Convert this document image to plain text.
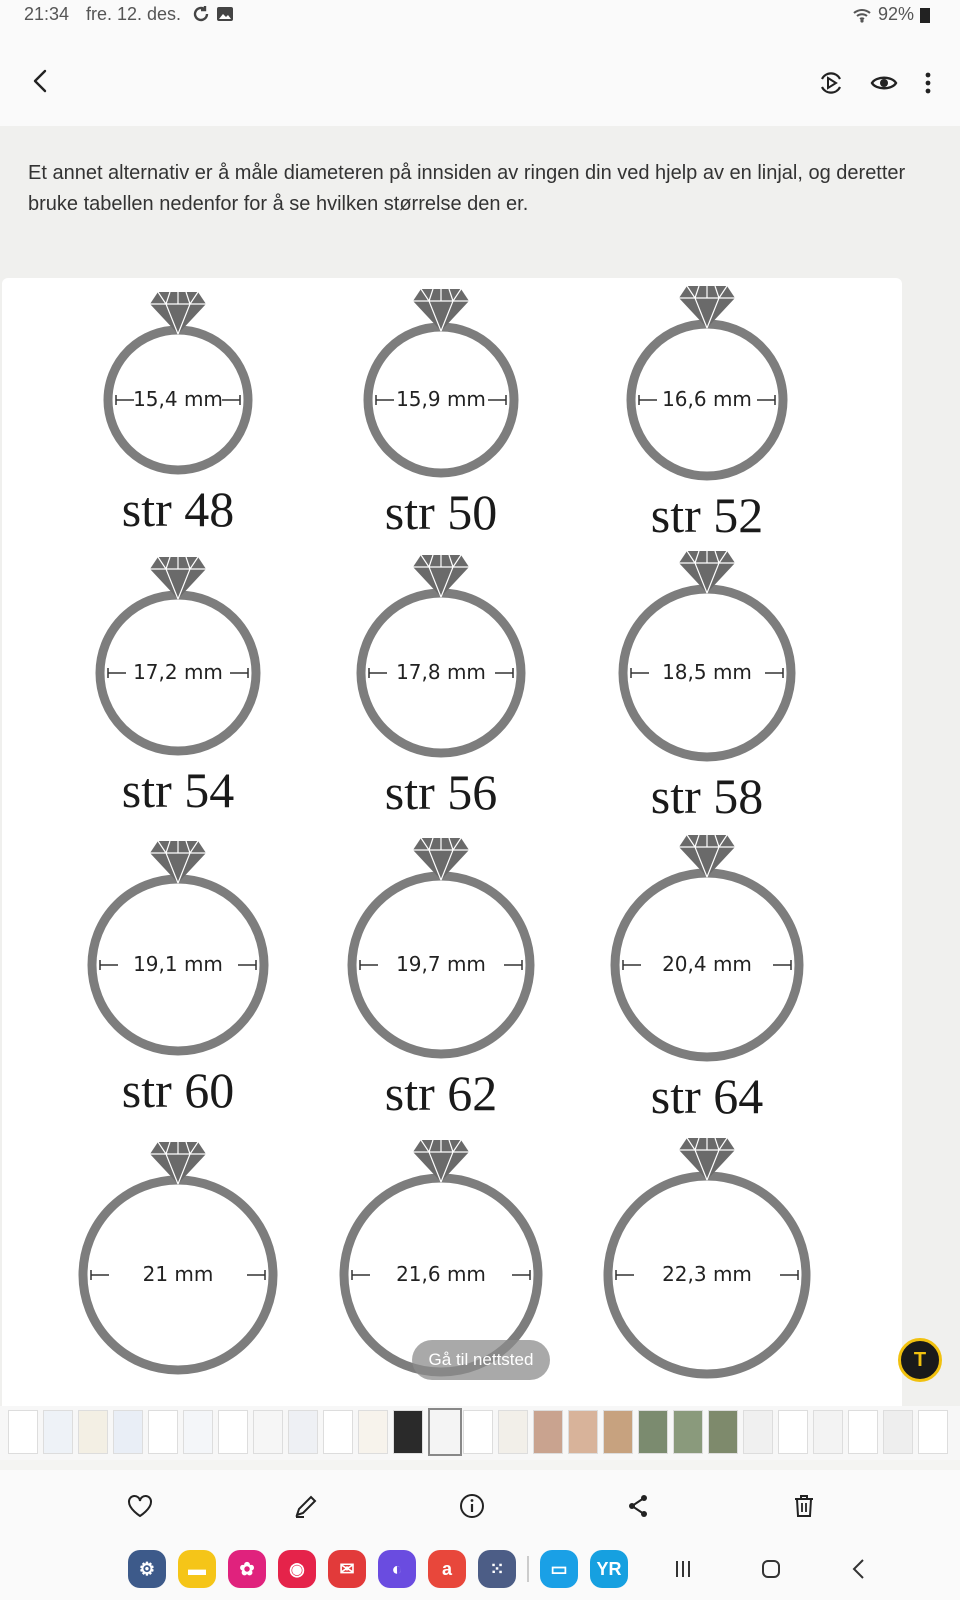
21:34 fre. 12. des.	92%

Et annet alternativ er å måle diameteren på innsiden av ringen din ved hjelp av en linjal, og deretter bruke tabellen nedenfor for å se hvilken størrelse den er.

15,4 mm
str 48
15,9 mm
str 50
16,6 mm
str 52
17,2 mm
str 54
17,8 mm
str 56
18,5 mm
str 58
19,1 mm
str 60
19,7 mm
str 62
20,4 mm
str 64
21 mm	21,6 mm	22,3 mm
Gå til nettsted	T
⚙	▬	✿	◉	✉	◐	a	⁙	▭	YR
